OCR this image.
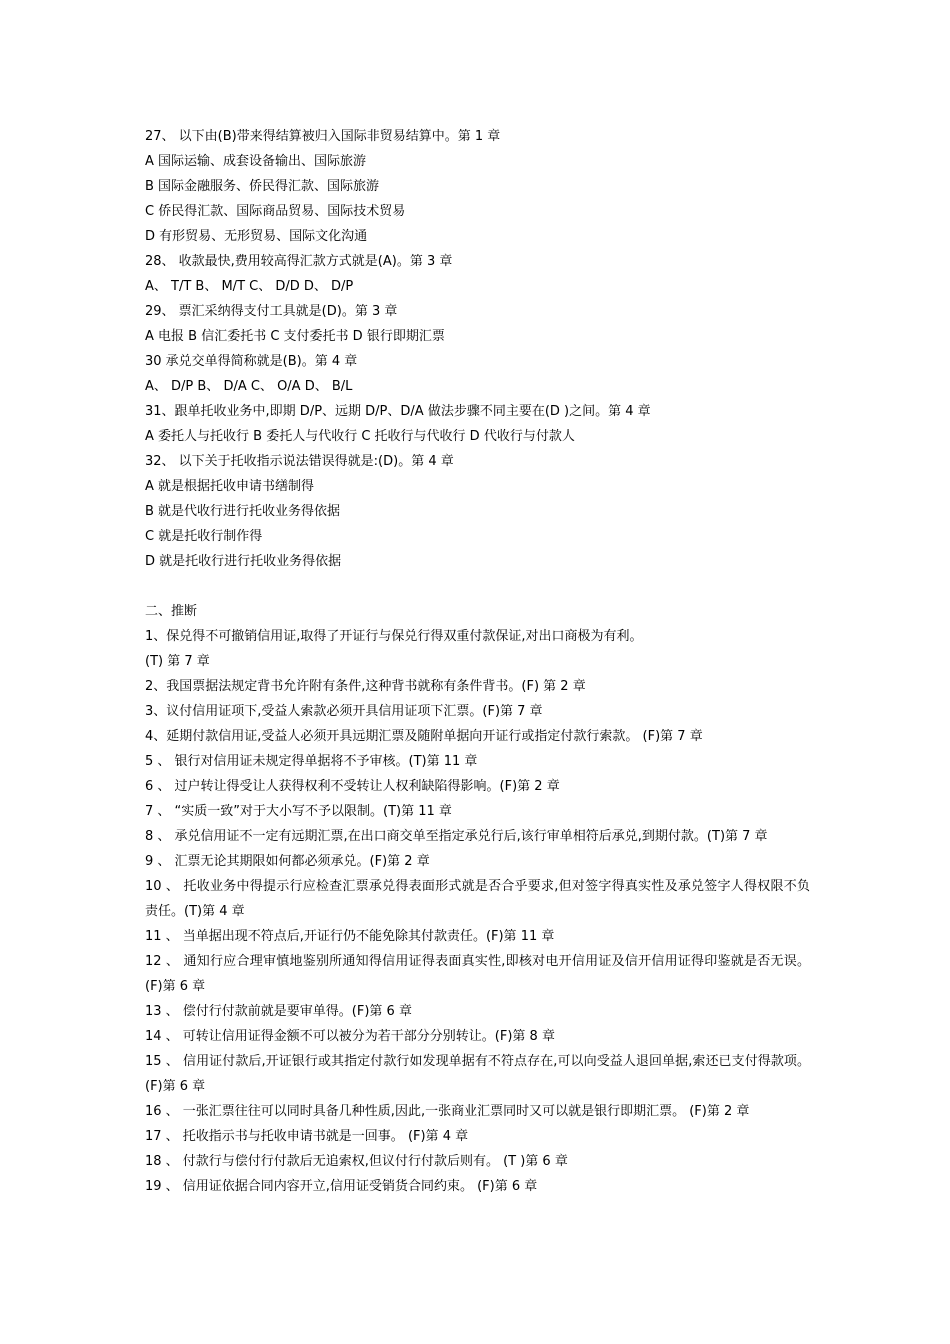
27、 以下由(B)带来得结算被归入国际非贸易结算中。第 1 章
A 国际运输、成套设备输出、国际旅游
B 国际金融服务、侨民得汇款、国际旅游
C 侨民得汇款、国际商品贸易、国际技术贸易
D 有形贸易、无形贸易、国际文化沟通
28、 收款最快,费用较高得汇款方式就是(A)。第 3 章
A、 T/T B、 M/T C、 D/D D、 D/P
29、 票汇采纳得支付工具就是(D)。第 3 章
A 电报 B 信汇委托书 C 支付委托书 D 银行即期汇票
30 承兑交单得简称就是(B)。第 4 章
A、 D/P B、 D/A C、 O/A D、 B/L
31、跟单托收业务中,即期 D/P、远期 D/P、D/A 做法步骤不同主要在(D )之间。第 4 章
A 委托人与托收行 B 委托人与代收行 C 托收行与代收行 D 代收行与付款人
32、 以下关于托收指示说法错误得就是:(D)。第 4 章
A 就是根据托收申请书缮制得
B 就是代收行进行托收业务得依据
C 就是托收行制作得
D 就是托收行进行托收业务得依据
二、推断
1、保兑得不可撤销信用证,取得了开证行与保兑行得双重付款保证,对出口商极为有利。
(T) 第 7 章
2、我国票据法规定背书允许附有条件,这种背书就称有条件背书。(F) 第 2 章
3、议付信用证项下,受益人索款必须开具信用证项下汇票。(F)第 7 章
4、延期付款信用证,受益人必须开具远期汇票及随附单据向开证行或指定付款行索款。 (F)第 7 章
5 、 银行对信用证未规定得单据将不予审核。(T)第 11 章
6 、 过户转让得受让人获得权利不受转让人权利缺陷得影响。(F)第 2 章
7 、 “实质一致”对于大小写不予以限制。(T)第 11 章
8 、 承兑信用证不一定有远期汇票,在出口商交单至指定承兑行后,该行审单相符后承兑,到期付款。(T)第 7 章
9 、 汇票无论其期限如何都必须承兑。(F)第 2 章
10 、 托收业务中得提示行应检查汇票承兑得表面形式就是否合乎要求,但对签字得真实性及承兑签字人得权限不负责任。(T)第 4 章
11 、 当单据出现不符点后,开证行仍不能免除其付款责任。(F)第 11 章
12 、 通知行应合理审慎地鉴别所通知得信用证得表面真实性,即核对电开信用证及信开信用证得印鉴就是否无误。(F)第 6 章
13 、 偿付行付款前就是要审单得。(F)第 6 章
14 、 可转让信用证得金额不可以被分为若干部分分别转让。(F)第 8 章
15 、 信用证付款后,开证银行或其指定付款行如发现单据有不符点存在,可以向受益人退回单据,索还已支付得款项。 (F)第 6 章
16 、 一张汇票往往可以同时具备几种性质,因此,一张商业汇票同时又可以就是银行即期汇票。 (F)第 2 章
17 、 托收指示书与托收申请书就是一回事。 (F)第 4 章
18 、 付款行与偿付行付款后无追索权,但议付行付款后则有。 (T )第 6 章
19 、 信用证依据合同内容开立,信用证受销货合同约束。 (F)第 6 章
